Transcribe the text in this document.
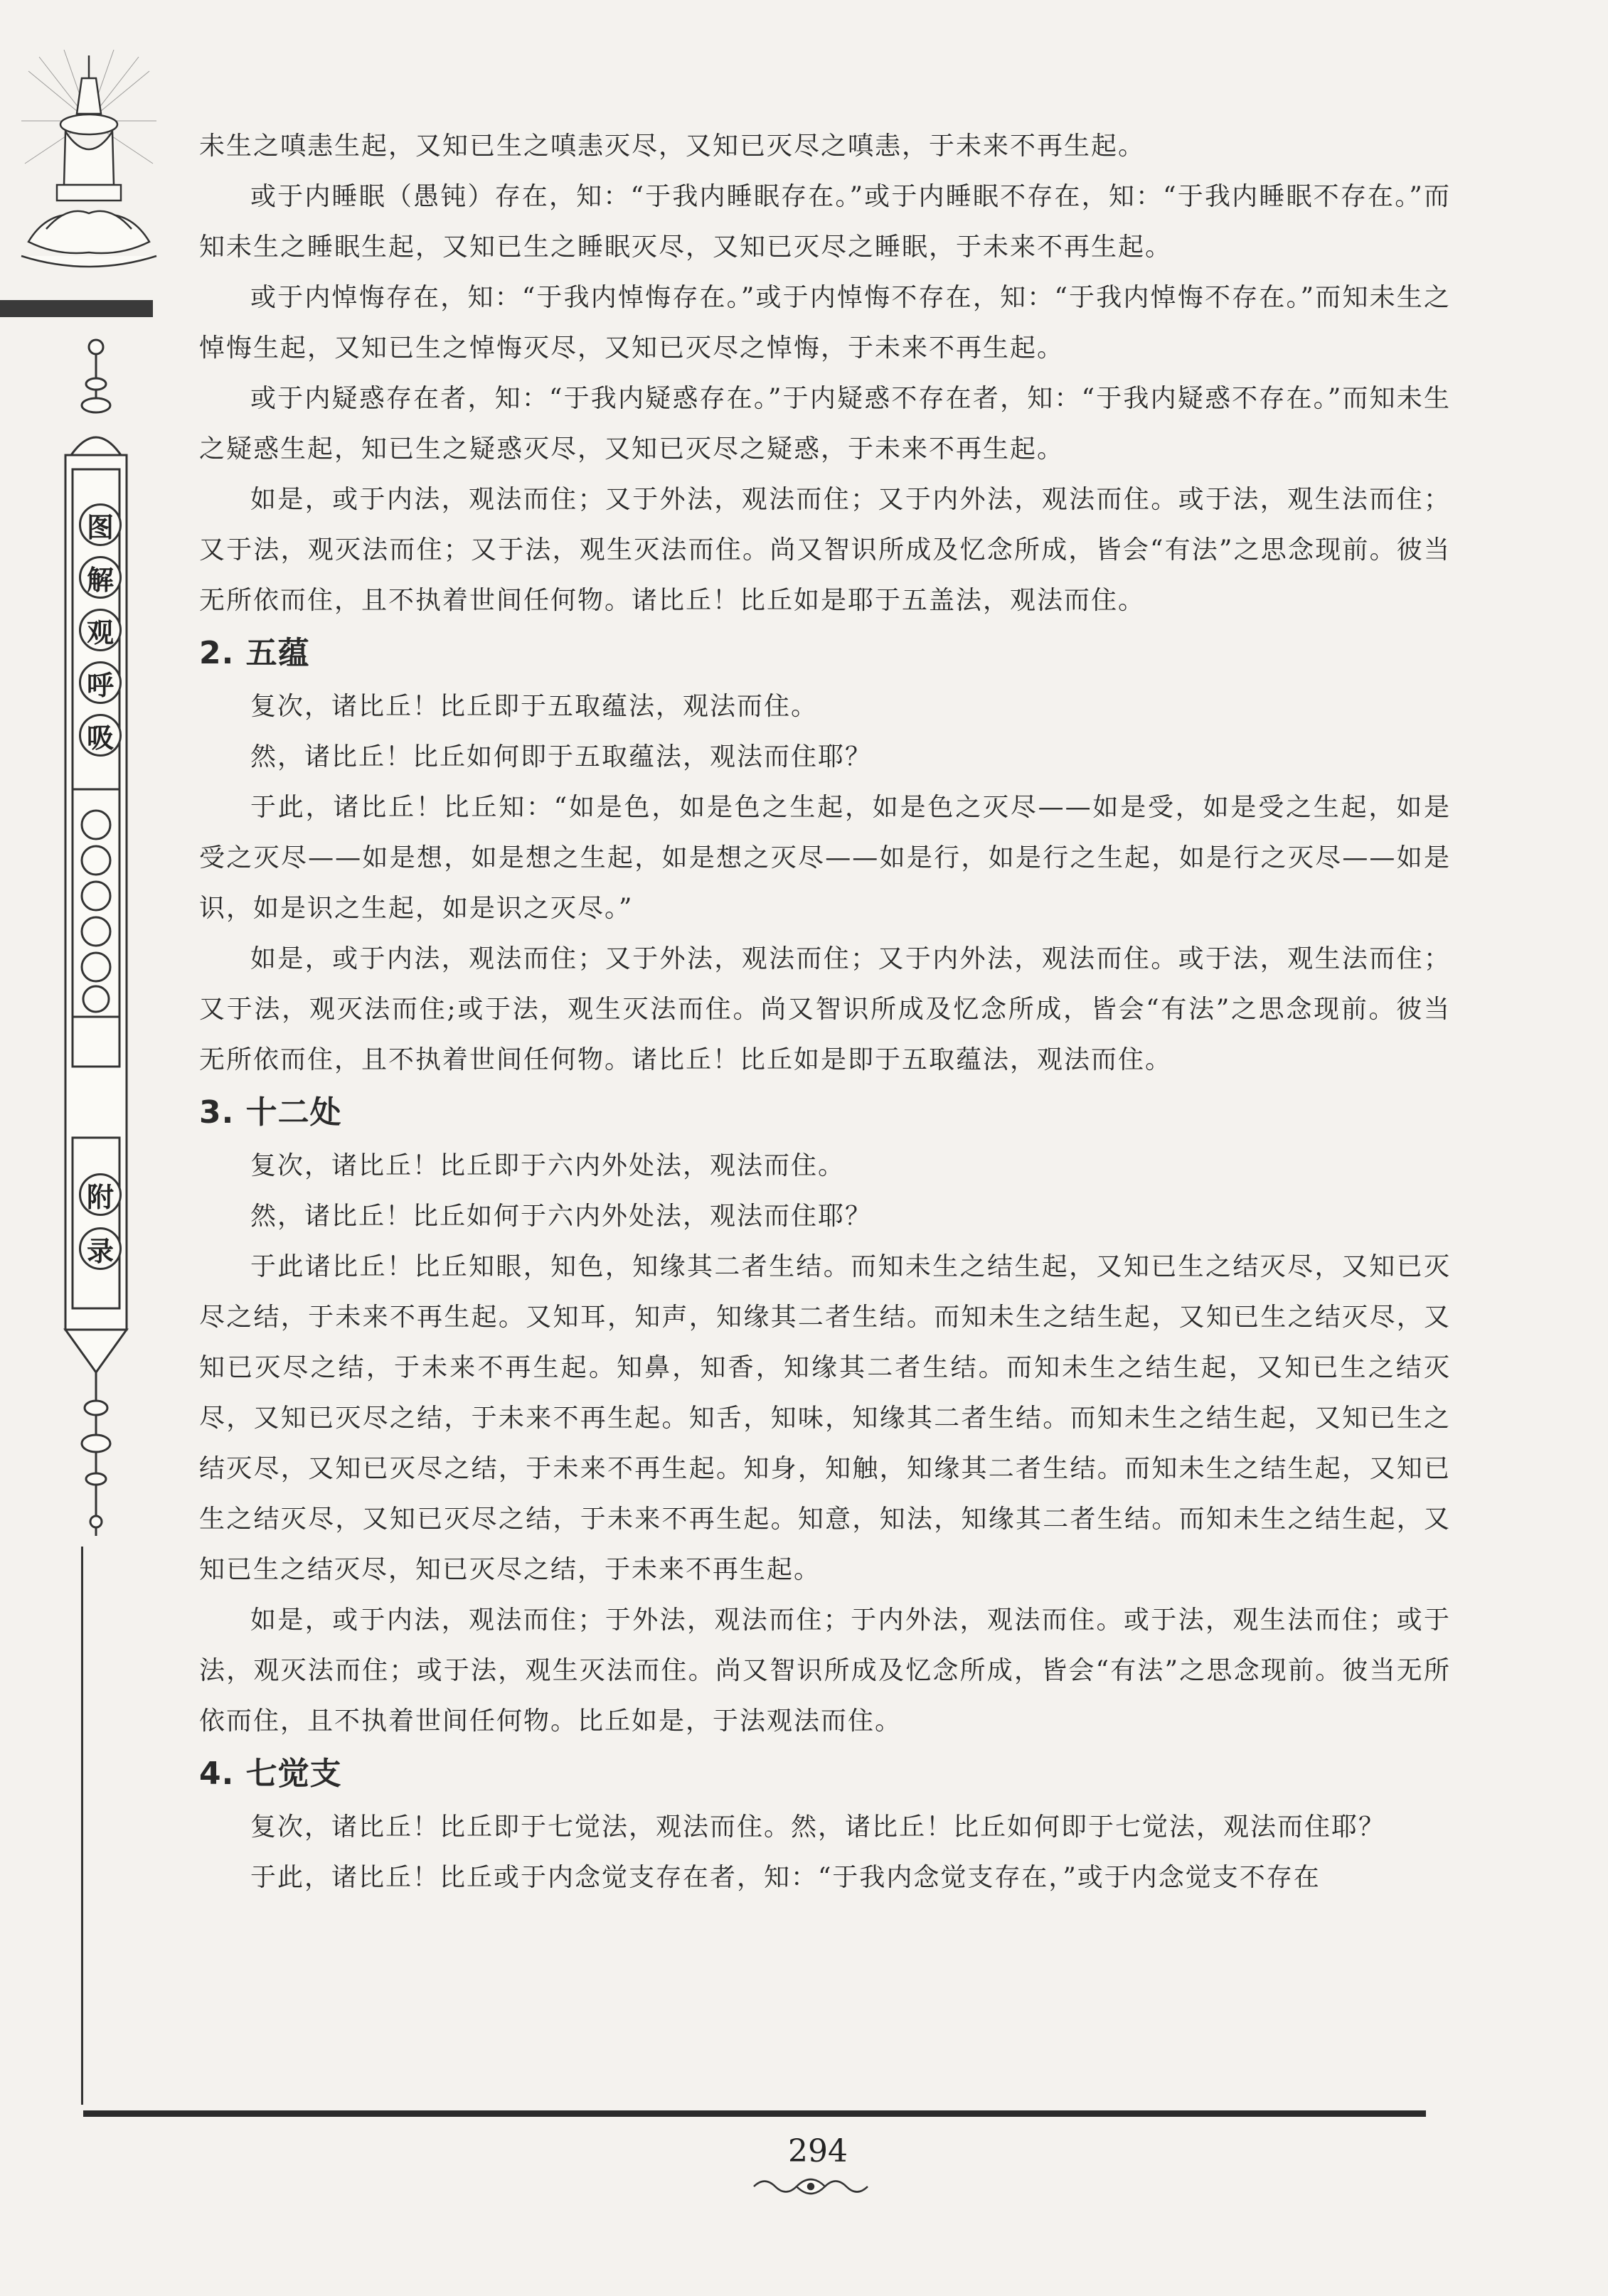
图
解
观
呼
吸
附
录

未生之嗔恚生起，又知已生之嗔恚灭尽，又知已灭尽之嗔恚，于未来不再生起。

或于内睡眠（愚钝）存在，知：“于我内睡眠存在。”或于内睡眠不存在，知：“于我内睡眠不存在。”而知未生之睡眠生起，又知已生之睡眠灭尽，又知已灭尽之睡眠，于未来不再生起。

或于内悼悔存在，知：“于我内悼悔存在。”或于内悼悔不存在，知：“于我内悼悔不存在。”而知未生之悼悔生起，又知已生之悼悔灭尽，又知已灭尽之悼悔，于未来不再生起。

或于内疑惑存在者，知：“于我内疑惑存在。”于内疑惑不存在者，知：“于我内疑惑不存在。”而知未生之疑惑生起，知已生之疑惑灭尽，又知已灭尽之疑惑，于未来不再生起。

如是，或于内法，观法而住；又于外法，观法而住；又于内外法，观法而住。或于法，观生法而住；又于法，观灭法而住；又于法，观生灭法而住。尚又智识所成及忆念所成，皆会“有法”之思念现前。彼当无所依而住，且不执着世间任何物。诸比丘！比丘如是耶于五盖法，观法而住。

2. 五蕴

复次，诸比丘！比丘即于五取蕴法，观法而住。

然，诸比丘！比丘如何即于五取蕴法，观法而住耶？

于此，诸比丘！比丘知：“如是色，如是色之生起，如是色之灭尽——如是受，如是受之生起，如是受之灭尽——如是想，如是想之生起，如是想之灭尽——如是行，如是行之生起，如是行之灭尽——如是识，如是识之生起，如是识之灭尽。”

如是，或于内法，观法而住；又于外法，观法而住；又于内外法，观法而住。或于法，观生法而住；又于法，观灭法而住;或于法，观生灭法而住。尚又智识所成及忆念所成，皆会“有法”之思念现前。彼当无所依而住，且不执着世间任何物。诸比丘！比丘如是即于五取蕴法，观法而住。

3. 十二处

复次，诸比丘！比丘即于六内外处法，观法而住。

然，诸比丘！比丘如何于六内外处法，观法而住耶？

于此诸比丘！比丘知眼，知色，知缘其二者生结。而知未生之结生起，又知已生之结灭尽，又知已灭尽之结，于未来不再生起。又知耳，知声，知缘其二者生结。而知未生之结生起，又知已生之结灭尽，又知已灭尽之结，于未来不再生起。知鼻，知香，知缘其二者生结。而知未生之结生起，又知已生之结灭尽，又知已灭尽之结，于未来不再生起。知舌，知味，知缘其二者生结。而知未生之结生起，又知已生之结灭尽，又知已灭尽之结，于未来不再生起。知身，知触，知缘其二者生结。而知未生之结生起，又知已生之结灭尽，又知已灭尽之结，于未来不再生起。知意，知法，知缘其二者生结。而知未生之结生起，又知已生之结灭尽，知已灭尽之结，于未来不再生起。

如是，或于内法，观法而住；于外法，观法而住；于内外法，观法而住。或于法，观生法而住；或于法，观灭法而住；或于法，观生灭法而住。尚又智识所成及忆念所成，皆会“有法”之思念现前。彼当无所依而住，且不执着世间任何物。比丘如是，于法观法而住。

4. 七觉支

复次，诸比丘！比丘即于七觉法，观法而住。然，诸比丘！比丘如何即于七觉法，观法而住耶？

于此，诸比丘！比丘或于内念觉支存在者，知：“于我内念觉支存在，”或于内念觉支不存在

294
